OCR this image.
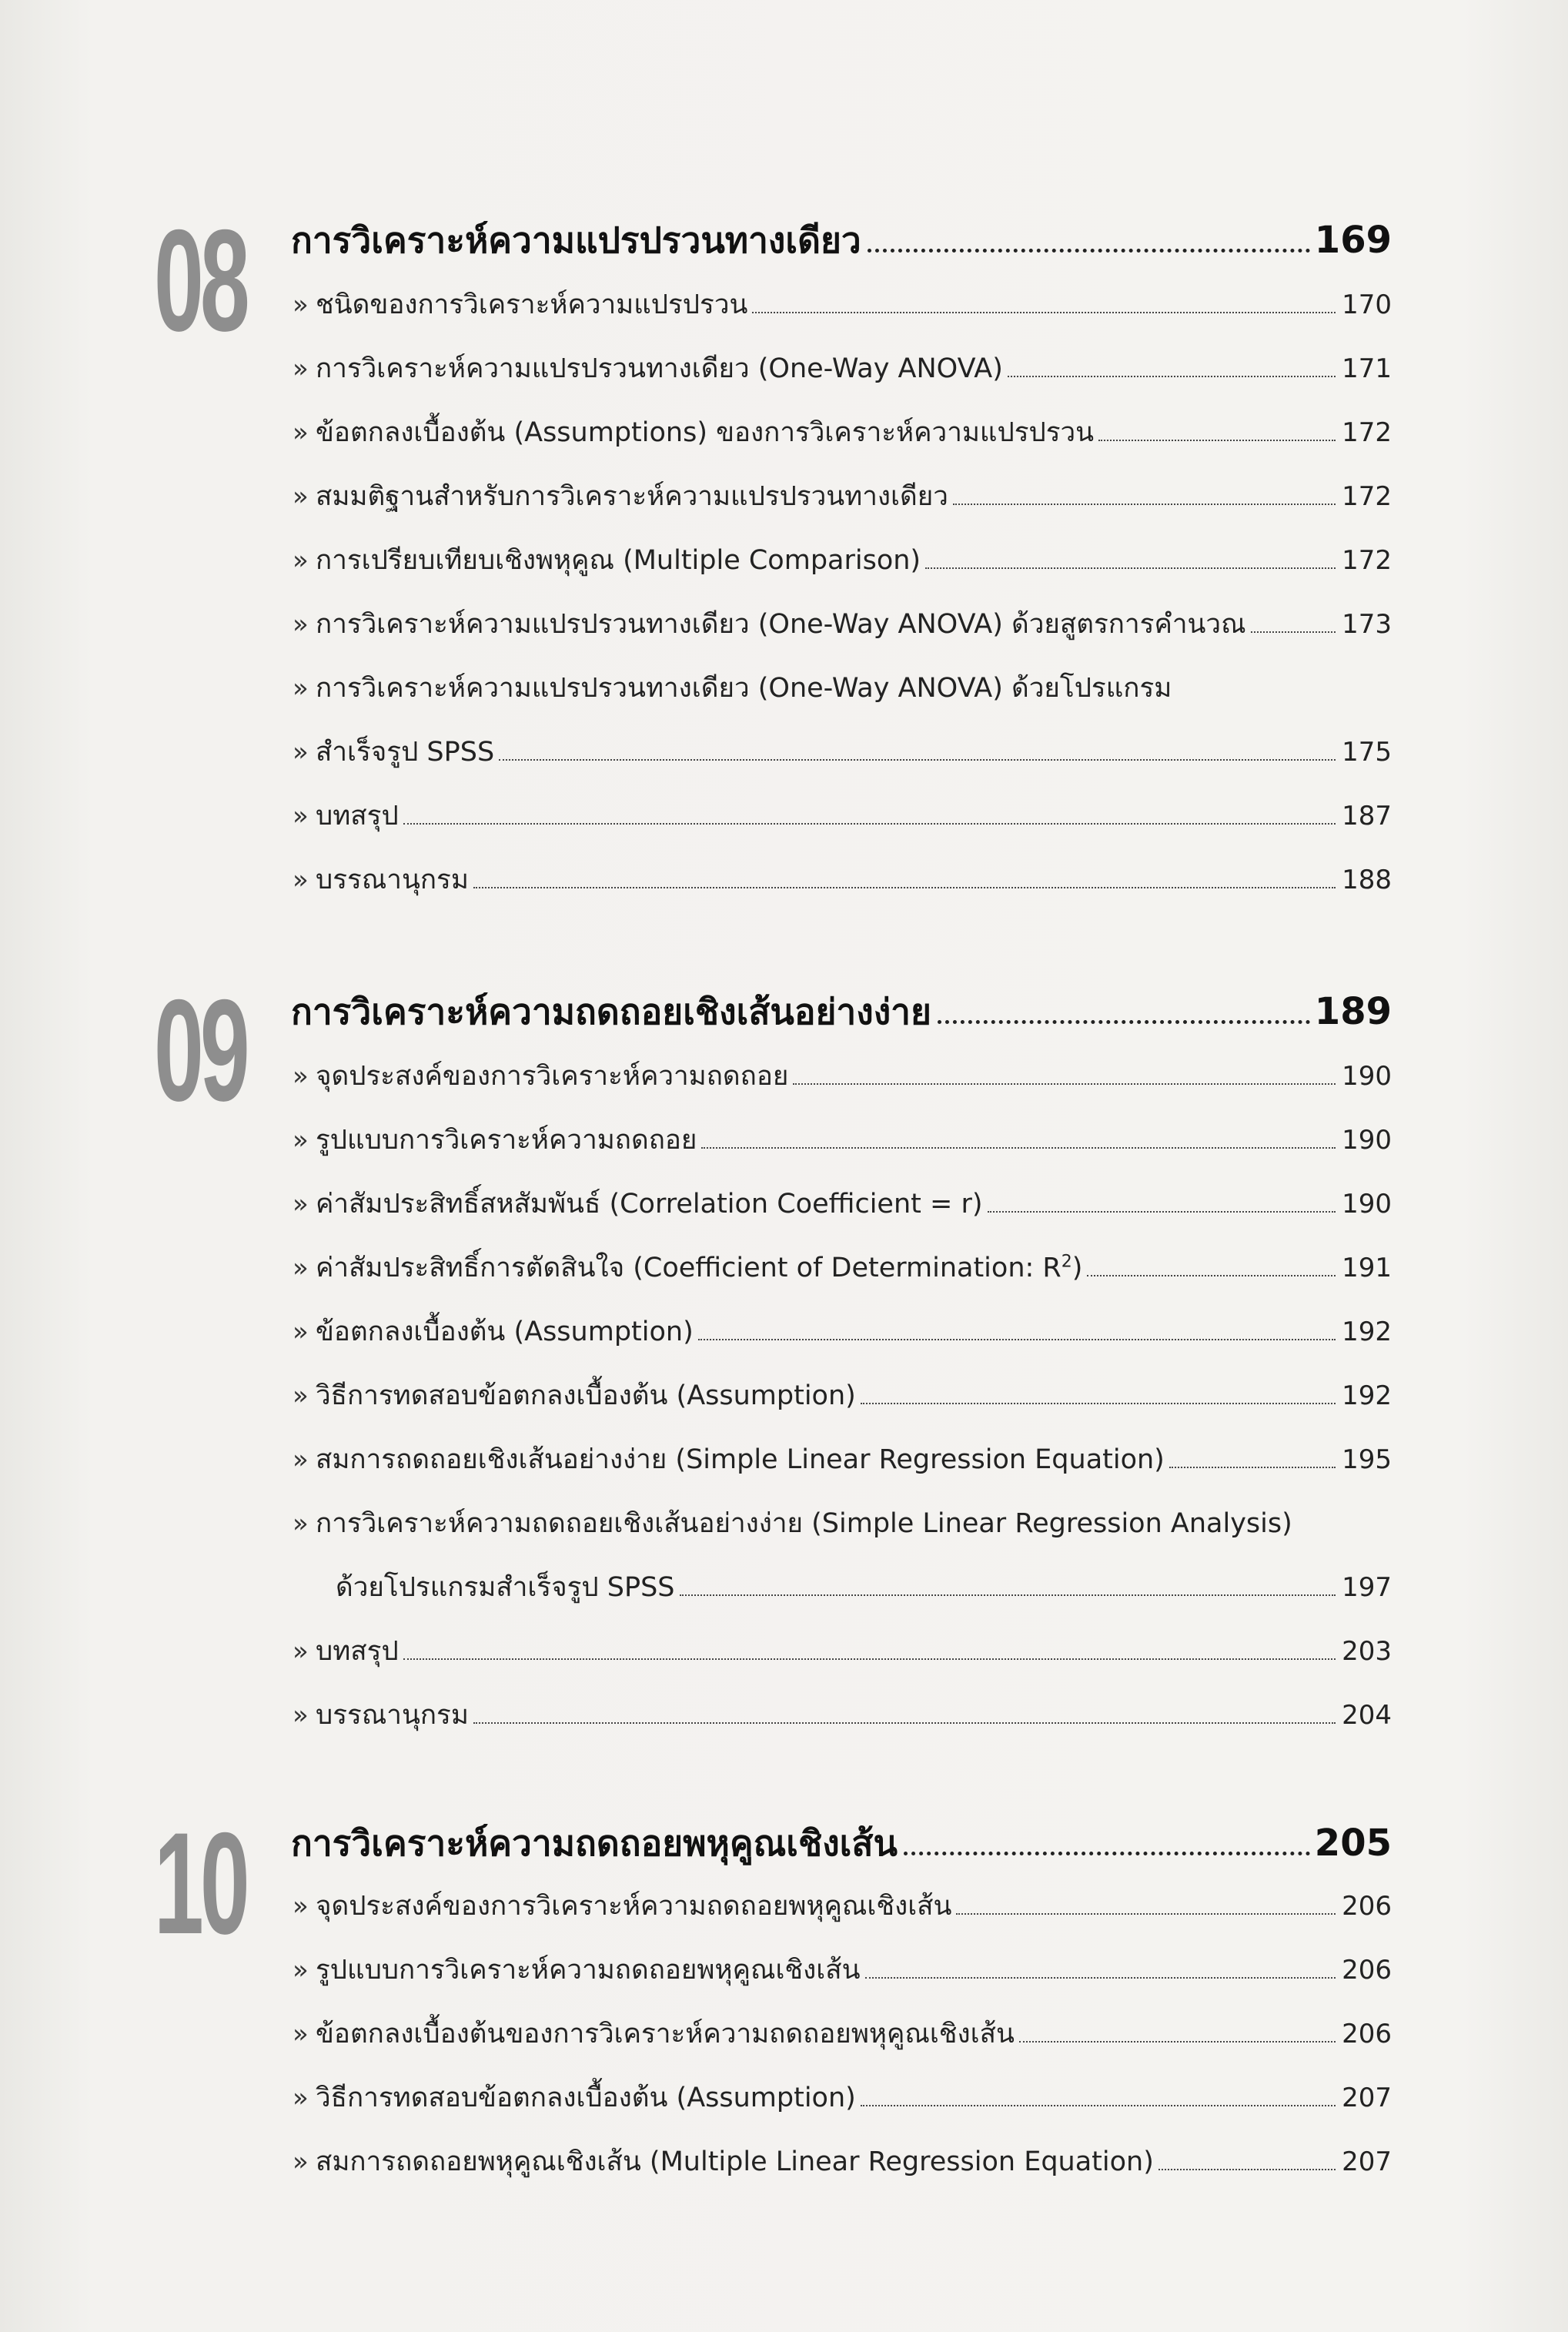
08 การวิเคราะห์ความแปรปรวนทางเดียว	169
» ชนิดของการวิเคราะห์ความแปรปรวน	170
» การวิเคราะห์ความแปรปรวนทางเดียว (One-Way ANOVA)	171
» ข้อตกลงเบื้องต้น (Assumptions) ของการวิเคราะห์ความแปรปรวน	172
» สมมติฐานสำหรับการวิเคราะห์ความแปรปรวนทางเดียว	172
» การเปรียบเทียบเชิงพหุคูณ (Multiple Comparison)	172
» การวิเคราะห์ความแปรปรวนทางเดียว (One-Way ANOVA) ด้วยสูตรการคำนวณ	173
» การวิเคราะห์ความแปรปรวนทางเดียว (One-Way ANOVA) ด้วยโปรแกรม
» สำเร็จรูป SPSS	175
» บทสรุป	187
» บรรณานุกรม	188
09 การวิเคราะห์ความถดถอยเชิงเส้นอย่างง่าย	189
» จุดประสงค์ของการวิเคราะห์ความถดถอย	190
» รูปแบบการวิเคราะห์ความถดถอย	190
» ค่าสัมประสิทธิ์สหสัมพันธ์ (Correlation Coefficient = r)	190
» ค่าสัมประสิทธิ์การตัดสินใจ (Coefficient of Determination: $R^2$)	191
» ข้อตกลงเบื้องต้น (Assumption)	192
» วิธีการทดสอบข้อตกลงเบื้องต้น (Assumption)	192
» สมการถดถอยเชิงเส้นอย่างง่าย (Simple Linear Regression Equation)	195
» การวิเคราะห์ความถดถอยเชิงเส้นอย่างง่าย (Simple Linear Regression Analysis)
ด้วยโปรแกรมสำเร็จรูป SPSS	197
» บทสรุป	203
» บรรณานุกรม	204
10 การวิเคราะห์ความถดถอยพหุคูณเชิงเส้น	205
» จุดประสงค์ของการวิเคราะห์ความถดถอยพหุคูณเชิงเส้น	206
» รูปแบบการวิเคราะห์ความถดถอยพหุคูณเชิงเส้น	206
» ข้อตกลงเบื้องต้นของการวิเคราะห์ความถดถอยพหุคูณเชิงเส้น	206
» วิธีการทดสอบข้อตกลงเบื้องต้น (Assumption)	207
» สมการถดถอยพหุคูณเชิงเส้น (Multiple Linear Regression Equation)	207
